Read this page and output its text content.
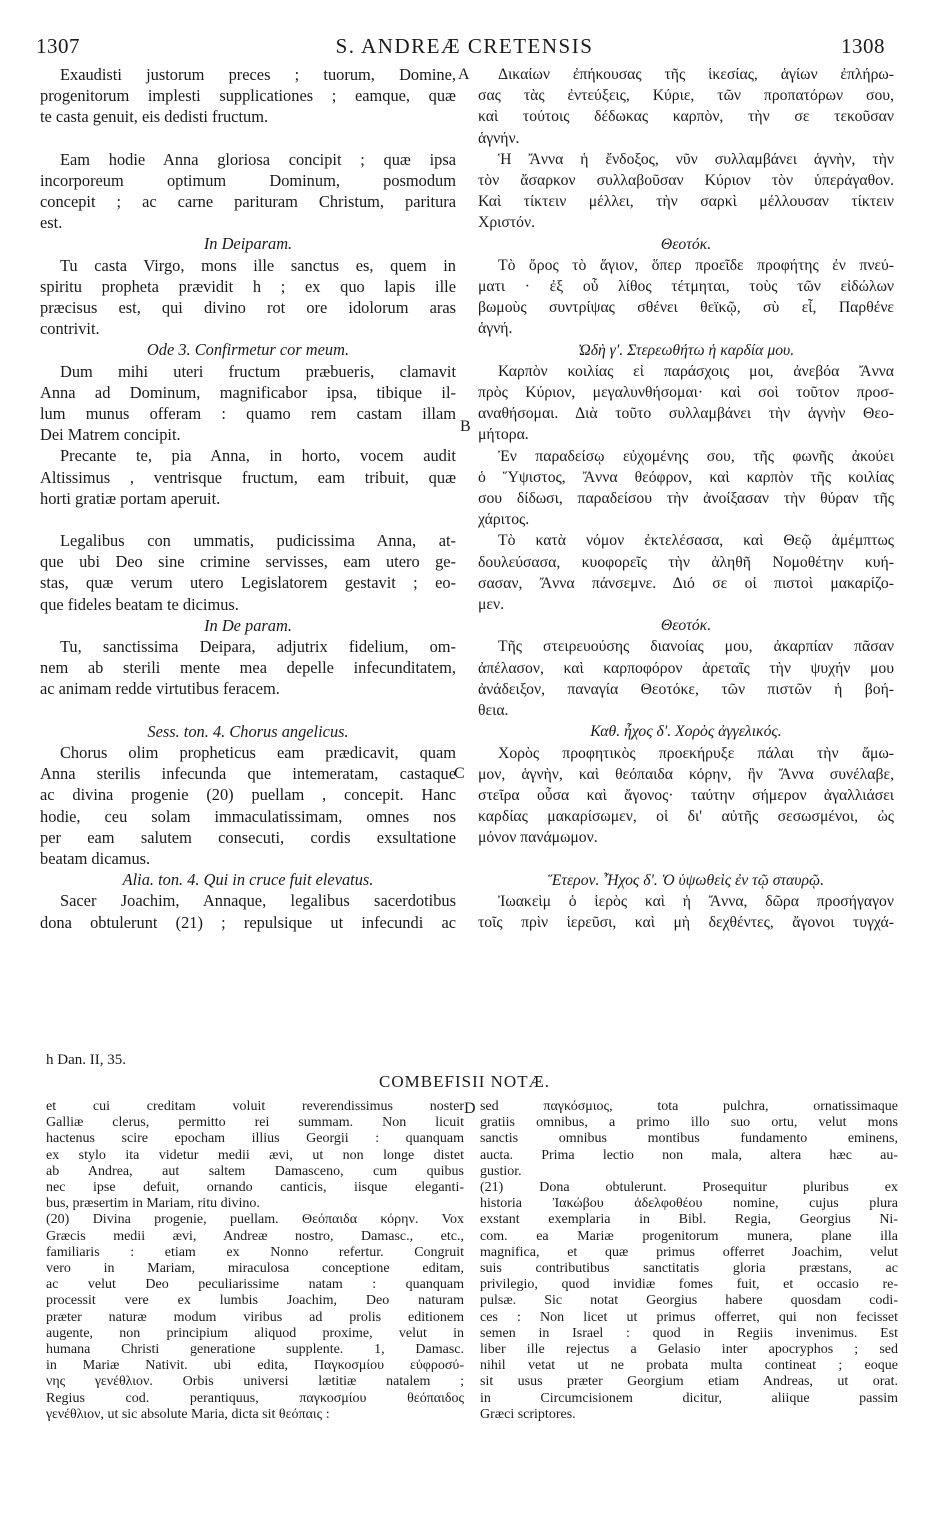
1307	S. ANDREÆ CRETENSIS	1308

Exaudisti justorum preces ; tuorum, Domine,

progenitorum implesti supplicationes ; eamque, quæ

te casta genuit, eis dedisti fructum.

Eam hodie Anna gloriosa concipit ; quæ ipsa

incorporeum optimum Dominum, posmodum

concepit ; ac carne parituram Christum, paritura

est.

In Deiparam.

Tu casta Virgo, mons ille sanctus es, quem in

spiritu propheta prævidit h ; ex quo lapis ille

præcisus est, qui divino rot ore idolorum aras

contrivit.

Ode 3. Confirmetur cor meum.

Dum mihi uteri fructum præbueris, clamavit

Anna ad Dominum, magnificabor ipsa, tibique il-

lum munus offeram : quamo rem castam illam

Dei Matrem concipit.

Precante te, pia Anna, in horto, vocem audit

Altissimus , ventrisque fructum, eam tribuit, quæ

horti gratiæ portam aperuit.

Legalibus con ummatis, pudicissima Anna, at-

que ubi Deo sine crimine servisses, eam utero ge-

stas, quæ verum utero Legislatorem gestavit ; eo-

que fideles beatam te dicimus.

In De param.

Tu, sanctissima Deipara, adjutrix fidelium, om-

nem ab sterili mente mea depelle infecunditatem,

ac animam redde virtutibus feracem.

Sess. ton. 4. Chorus angelicus.

Chorus olim propheticus eam prædicavit, quam

Anna sterilis infecunda que intemeratam, castaque

ac divina progenie (20) puellam , concepit. Hanc

hodie, ceu solam immaculatissimam, omnes nos

per eam salutem consecuti, cordis exsultatione

beatam dicamus.

Alia. ton. 4. Qui in cruce fuit elevatus.

Sacer Joachim, Annaque, legalibus sacerdotibus

dona obtulerunt (21) ; repulsique ut infecundi ac

Δικαίων ἐπήκουσας τῆς ἱκεσίας, ἁγίων ἐπλήρω-

σας τὰς ἐντεύξεις, Κύριε, τῶν προπατόρων σου,

καὶ τούτοις δέδωκας καρπὸν, τὴν σε τεκοῦσαν

ἁγνήν.

Ἡ Ἄννα ἡ ἔνδοξος, νῦν συλλαμβάνει ἁγνὴν, τὴν

τὸν ἄσαρκον συλλαβοῦσαν Κύριον τὸν ὑπεράγαθον.

Καὶ τίκτειν μέλλει, τὴν σαρκὶ μέλλουσαν τίκτειν

Χριστόν.

Θεοτόκ.

Τὸ ὄρος τὸ ἅγιον, ὅπερ προεῖδε προφήτης ἐν πνεύ-

ματι · ἐξ οὗ λίθος τέτμηται, τοὺς τῶν εἰδώλων

βωμοὺς συντρίψας σθένει θεϊκῷ, σὺ εἶ, Παρθένε

ἁγνή.

Ὠδὴ γ'. Στερεωθήτω ἡ καρδία μου.

Καρπὸν κοιλίας εἰ παράσχοις μοι, ἀνεβόα Ἄννα

πρὸς Κύριον, μεγαλυνθήσομαι· καὶ σοὶ τοῦτον προσ-

αναθήσομαι. Διὰ τοῦτο συλλαμβάνει τὴν ἁγνὴν Θεο-

μήτορα.

Ἐν παραδείσῳ εὐχομένης σου, τῆς φωνῆς ἀκούει

ὁ Ὕψιστος, Ἄννα θεόφρον, καὶ καρπὸν τῆς κοιλίας

σου δίδωσι, παραδείσου τὴν ἀνοίξασαν τὴν θύραν τῆς

χάριτος.

Τὸ κατὰ νόμον ἐκτελέσασα, καὶ Θεῷ ἀμέμπτως

δουλεύσασα, κυοφορεῖς τὴν ἀληθῆ Νομοθέτην κυή-

σασαν, Ἄννα πάνσεμνε. Διό σε οἱ πιστοὶ μακαρίζο-

μεν.

Θεοτόκ.

Τῆς στειρευούσης διανοίας μου, ἀκαρπίαν πᾶσαν

ἀπέλασον, καὶ καρποφόρον ἀρεταῖς τὴν ψυχήν μου

ἀνάδειξον, παναγία Θεοτόκε, τῶν πιστῶν ἡ βοή-

θεια.

Καθ. ἦχος δ'. Χορὸς ἀγγελικός.

Χορὸς προφητικὸς προεκήρυξε πάλαι τὴν ἄμω-

μον, ἁγνὴν, καὶ θεόπαιδα κόρην, ἣν Ἄννα συνέλαβε,

στεῖρα οὖσα καὶ ἄγονος· ταύτην σήμερον ἀγαλλιάσει

καρδίας μακαρίσωμεν, οἱ δι' αὐτῆς σεσωσμένοι, ὡς

μόνον πανάμωμον.

Ἕτερον. Ἦχος δ'. Ὁ ὑψωθεὶς ἐν τῷ σταυρῷ.

Ἰωακεὶμ ὁ ἱερὸς καὶ ἡ Ἄννα, δῶρα προσήγαγον

τοῖς πρὶν ἱερεῦσι, καὶ μὴ δεχθέντες, ἄγονοι τυγχά-

A
B
C
D
h Dan. II, 35.
COMBEFISII NOTÆ.

et cui creditam voluit reverendissimus noster

Galliæ clerus, permitto rei summam. Non licuit

hactenus scire epocham illius Georgii : quanquam

ex stylo ita videtur medii ævi, ut non longe distet

ab Andrea, aut saltem Damasceno, cum quibus

nec ipse defuit, ornando canticis, iisque eleganti-

bus, præsertim in Mariam, ritu divino.

(20) Divina progenie, puellam. Θεόπαιδα κόρην. Vox

Græcis medii ævi, Andreæ nostro, Damasc., etc.,

familiaris : etiam ex Nonno refertur. Congruit

vero in Mariam, miraculosa conceptione editam,

ac velut Deo peculiarissime natam : quanquam

processit vere ex lumbis Joachim, Deo naturam

præter naturæ modum viribus ad prolis editionem

augente, non principium aliquod proxime, velut in

humana Christi generatione supplente. 1, Damasc.

in Mariæ Nativit. ubi edita, Παγκοσμίου εὐφροσύ-

νης γενέθλιον. Orbis universi lætitiæ natalem ;

Regius cod. perantiquus, παγκοσμίου θεόπαιδος

γενέθλιον, ut sic absolute Maria, dicta sit θεόπαις :

sed παγκόσμιος, tota pulchra, ornatissimaque

gratiis omnibus, a primo illo suo ortu, velut mons

sanctis omnibus montibus fundamento eminens,

aucta. Prima lectio non mala, altera hæc au-

gustior.

(21) Dona obtulerunt. Prosequitur pluribus ex

historia Ἰακώβου ἀδελφοθέου nomine, cujus plura

exstant exemplaria in Bibl. Regia, Georgius Ni-

com. ea Mariæ progenitorum munera, plane illa

magnifica, et quæ primus offerret Joachim, velut

suis contributibus sanctitatis gloria præstans, ac

privilegio, quod invidiæ fomes fuit, et occasio re-

pulsæ. Sic notat Georgius habere quosdam codi-

ces : Non licet ut primus offerret, qui non fecisset

semen in Israel : quod in Regiis invenimus. Est

liber ille rejectus a Gelasio inter apocryphos ; sed

nihil vetat ut ne probata multa contineat ; eoque

sit usus præter Georgium etiam Andreas, ut orat.

in Circumcisionem dicitur, aliique passim

Græci scriptores.
